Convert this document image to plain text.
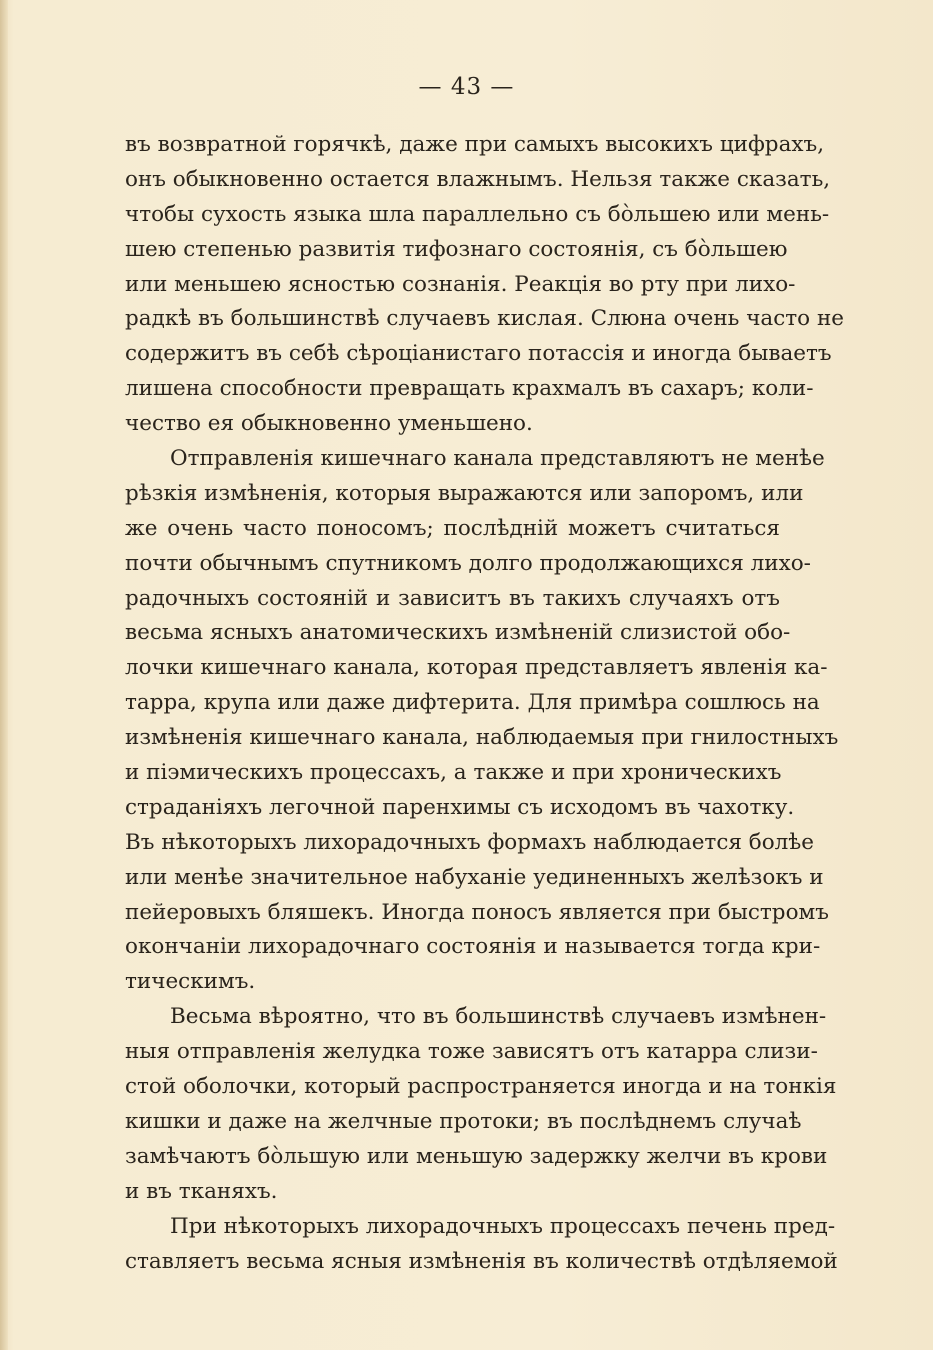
— 43 —
въ возвратной горячкѣ, даже при самыхъ высокихъ цифрахъ,
онъ обыкновенно остается влажнымъ. Нельзя также сказать,
чтобы сухость языка шла параллельно съ бо̀льшею или мень-
шею степенью развитія тифознаго состоянія, съ бо̀льшею
или меньшею ясностью сознанія. Реакція во рту при лихо-
радкѣ въ большинствѣ случаевъ кислая. Слюна очень часто не
содержитъ въ себѣ сѣроціанистаго потассія и иногда бываетъ
лишена способности превращать крахмалъ въ сахаръ; коли-
чество ея обыкновенно уменьшено.
Отправленія кишечнаго канала представляютъ не менѣе
рѣзкія измѣненія, которыя выражаются или запоромъ, или
же очень часто поносомъ; послѣдній можетъ считаться
почти обычнымъ спутникомъ долго продолжающихся лихо-
радочныхъ состояній и зависитъ въ такихъ случаяхъ отъ
весьма ясныхъ анатомическихъ измѣненій слизистой обо-
лочки кишечнаго канала, которая представляетъ явленія ка-
тарра, крупа или даже дифтерита. Для примѣра сошлюсь на
измѣненія кишечнаго канала, наблюдаемыя при гнилостныхъ
и піэмическихъ процессахъ, а также и при хроническихъ
страданіяхъ легочной паренхимы съ исходомъ въ чахотку.
Въ нѣкоторыхъ лихорадочныхъ формахъ наблюдается болѣе
или менѣе значительное набуханіе уединенныхъ желѣзокъ и
пейеровыхъ бляшекъ. Иногда поносъ является при быстромъ
окончаніи лихорадочнаго состоянія и называется тогда кри-
тическимъ.
Весьма вѣроятно, что въ большинствѣ случаевъ измѣнен-
ныя отправленія желудка тоже зависятъ отъ катарра слизи-
стой оболочки, который распространяется иногда и на тонкія
кишки и даже на желчные протоки; въ послѣднемъ случаѣ
замѣчаютъ бо̀льшую или меньшую задержку желчи въ крови
и въ тканяхъ.
При нѣкоторыхъ лихорадочныхъ процессахъ печень пред-
ставляетъ весьма ясныя измѣненія въ количествѣ отдѣляемой
